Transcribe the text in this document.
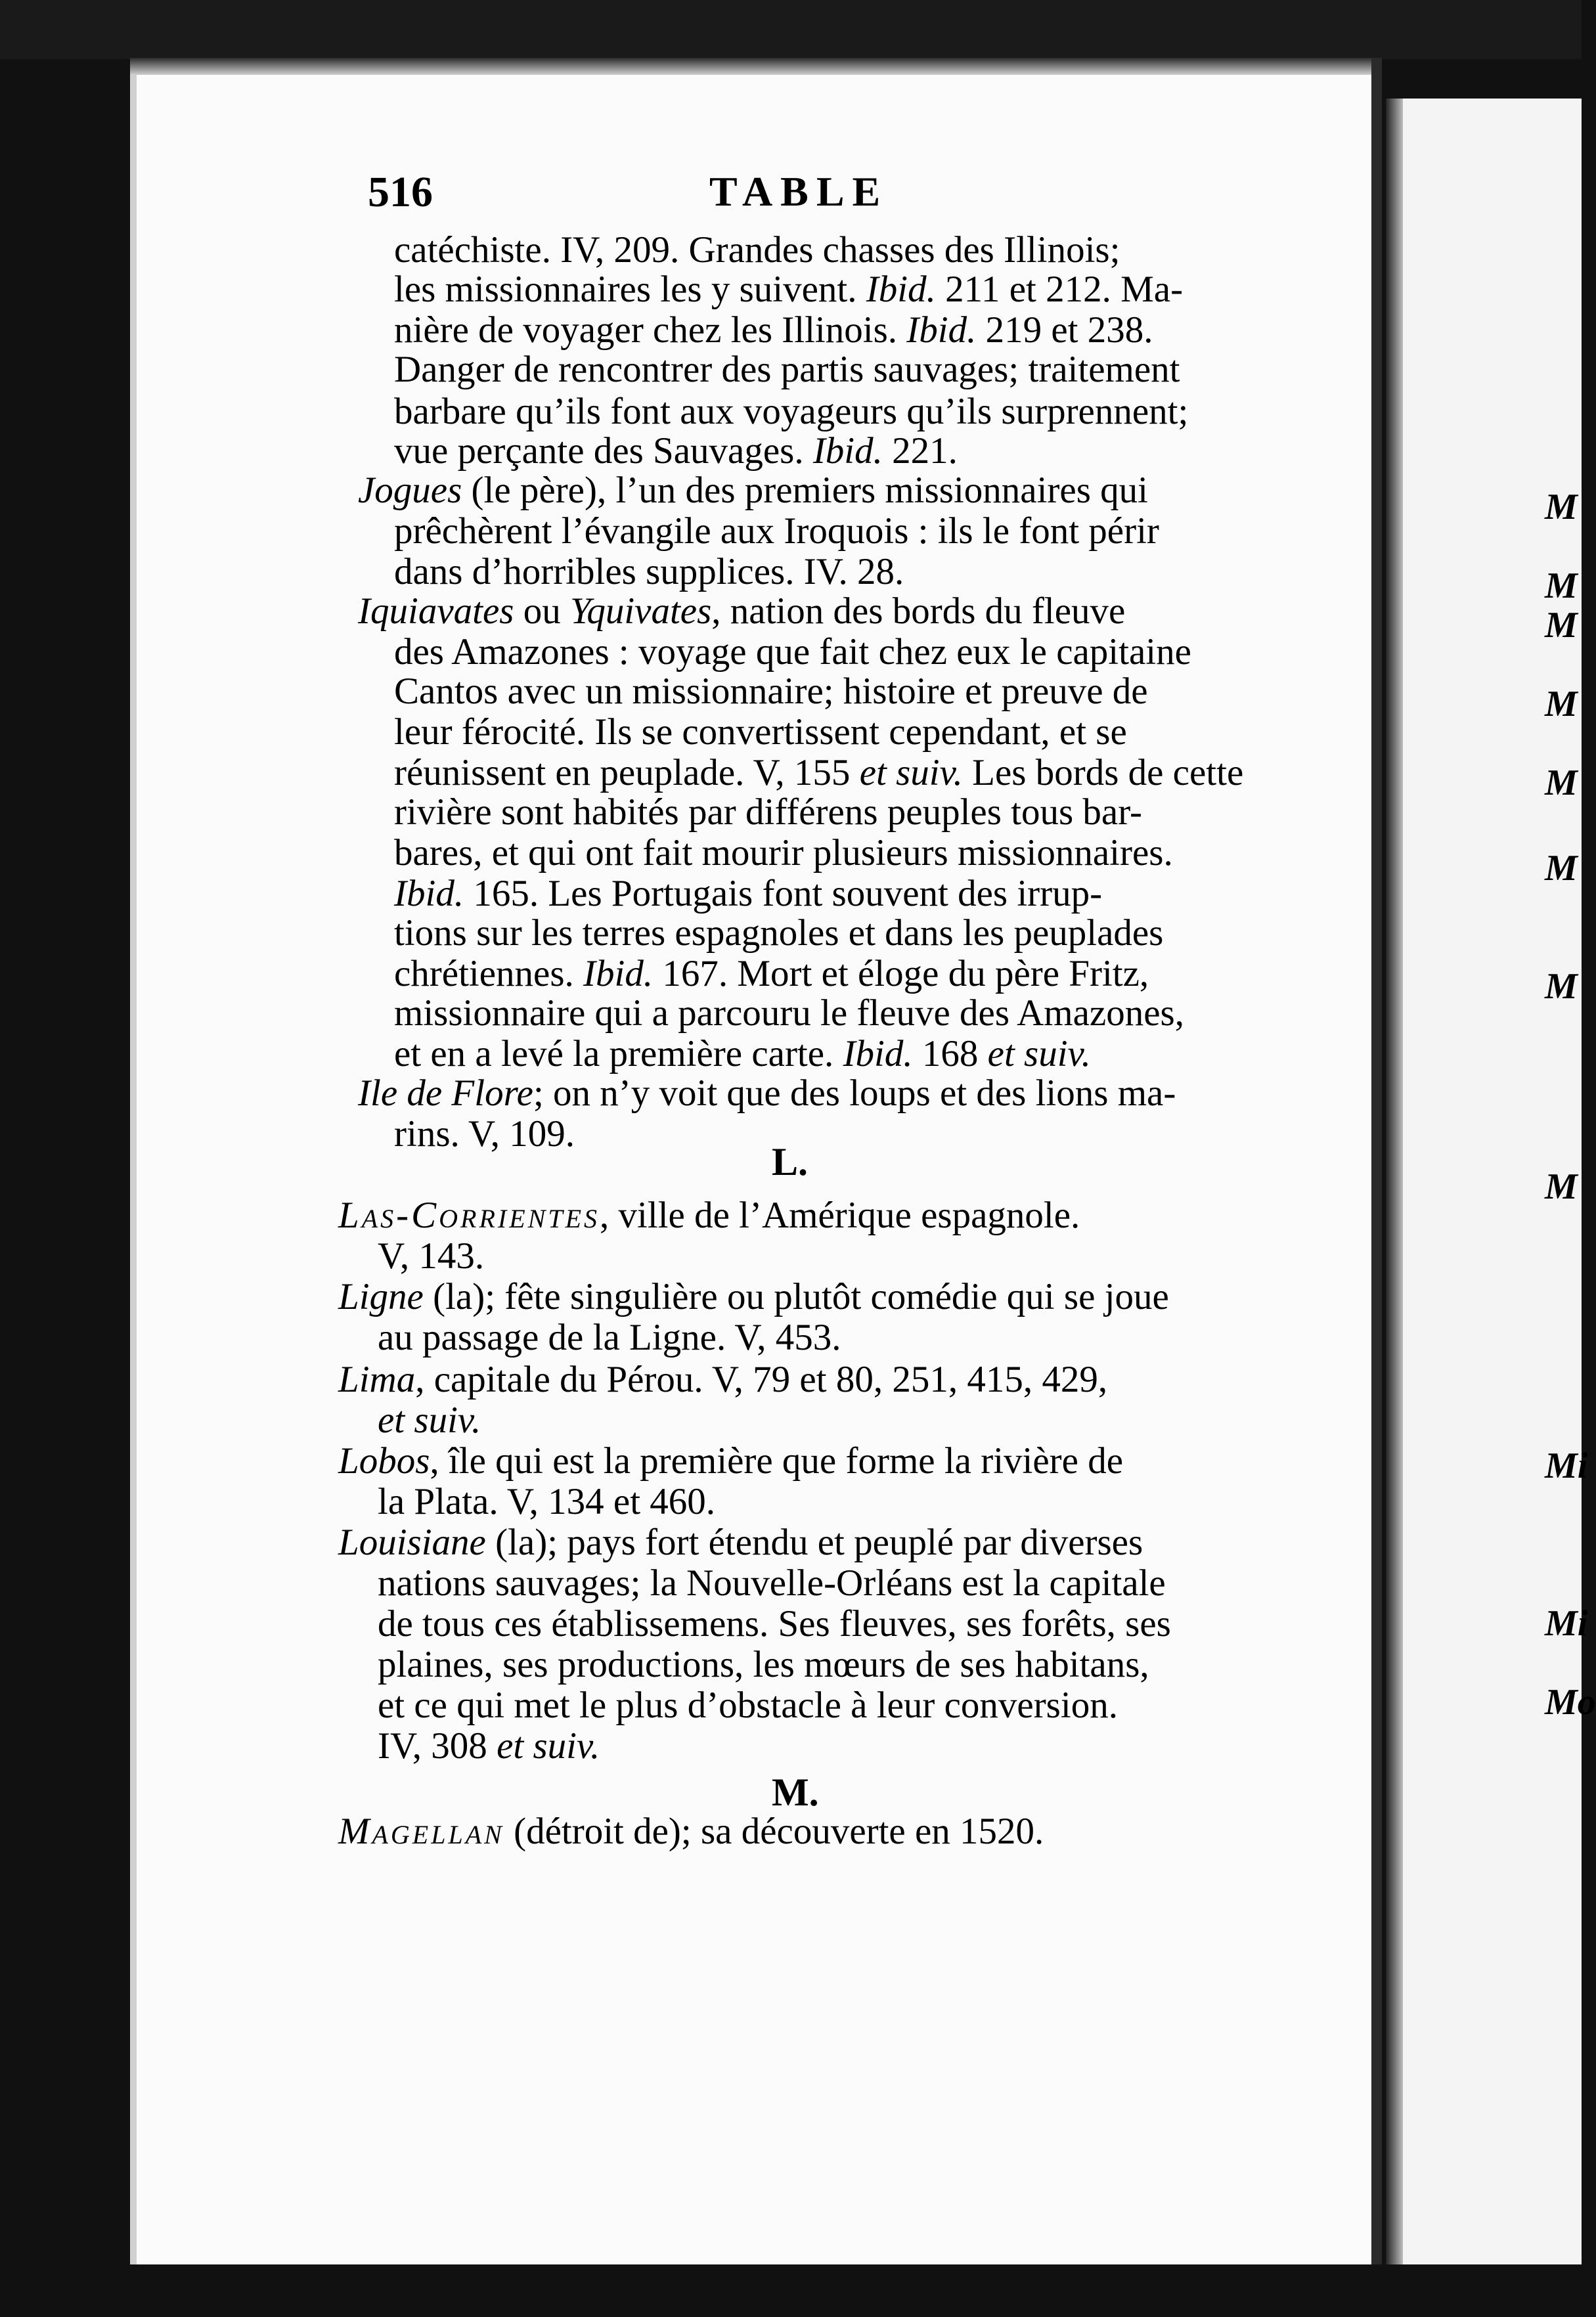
516	TABLE
catéchiste. IV, 209. Grandes chasses des Illinois;
les missionnaires les y suivent. Ibid. 211 et 212. Ma-
nière de voyager chez les Illinois. Ibid. 219 et 238.
Danger de rencontrer des partis sauvages; traitement
barbare qu’ils font aux voyageurs qu’ils surprennent;
vue perçante des Sauvages. Ibid. 221.
Jogues (le père), l’un des premiers missionnaires qui
prêchèrent l’évangile aux Iroquois : ils le font périr
dans d’horribles supplices. IV. 28.
Iquiavates ou Yquivates, nation des bords du fleuve
des Amazones : voyage que fait chez eux le capitaine
Cantos avec un missionnaire; histoire et preuve de
leur férocité. Ils se convertissent cependant, et se
réunissent en peuplade. V, 155 et suiv. Les bords de cette
rivière sont habités par différens peuples tous bar-
bares, et qui ont fait mourir plusieurs missionnaires.
Ibid. 165. Les Portugais font souvent des irrup-
tions sur les terres espagnoles et dans les peuplades
chrétiennes. Ibid. 167. Mort et éloge du père Fritz,
missionnaire qui a parcouru le fleuve des Amazones,
et en a levé la première carte. Ibid. 168 et suiv.
Ile de Flore; on n’y voit que des loups et des lions ma-
rins. V, 109.
Las-Corrientes, ville de l’Amérique espagnole.
V, 143.
Ligne (la); fête singulière ou plutôt comédie qui se joue
au passage de la Ligne. V, 453.
Lima, capitale du Pérou. V, 79 et 80, 251, 415, 429,
et suiv.
Lobos, île qui est la première que forme la rivière de
la Plata. V, 134 et 460.
Louisiane (la); pays fort étendu et peuplé par diverses
nations sauvages; la Nouvelle-Orléans est la capitale
de tous ces établissemens. Ses fleuves, ses forêts, ses
plaines, ses productions, les mœurs de ses habitans,
et ce qui met le plus d’obstacle à leur conversion.
IV, 308 et suiv.
Magellan (détroit de); sa découverte en 1520.
L.
M.
M
M
M
M
M
M
M
M
Mi
Mi
Mo
